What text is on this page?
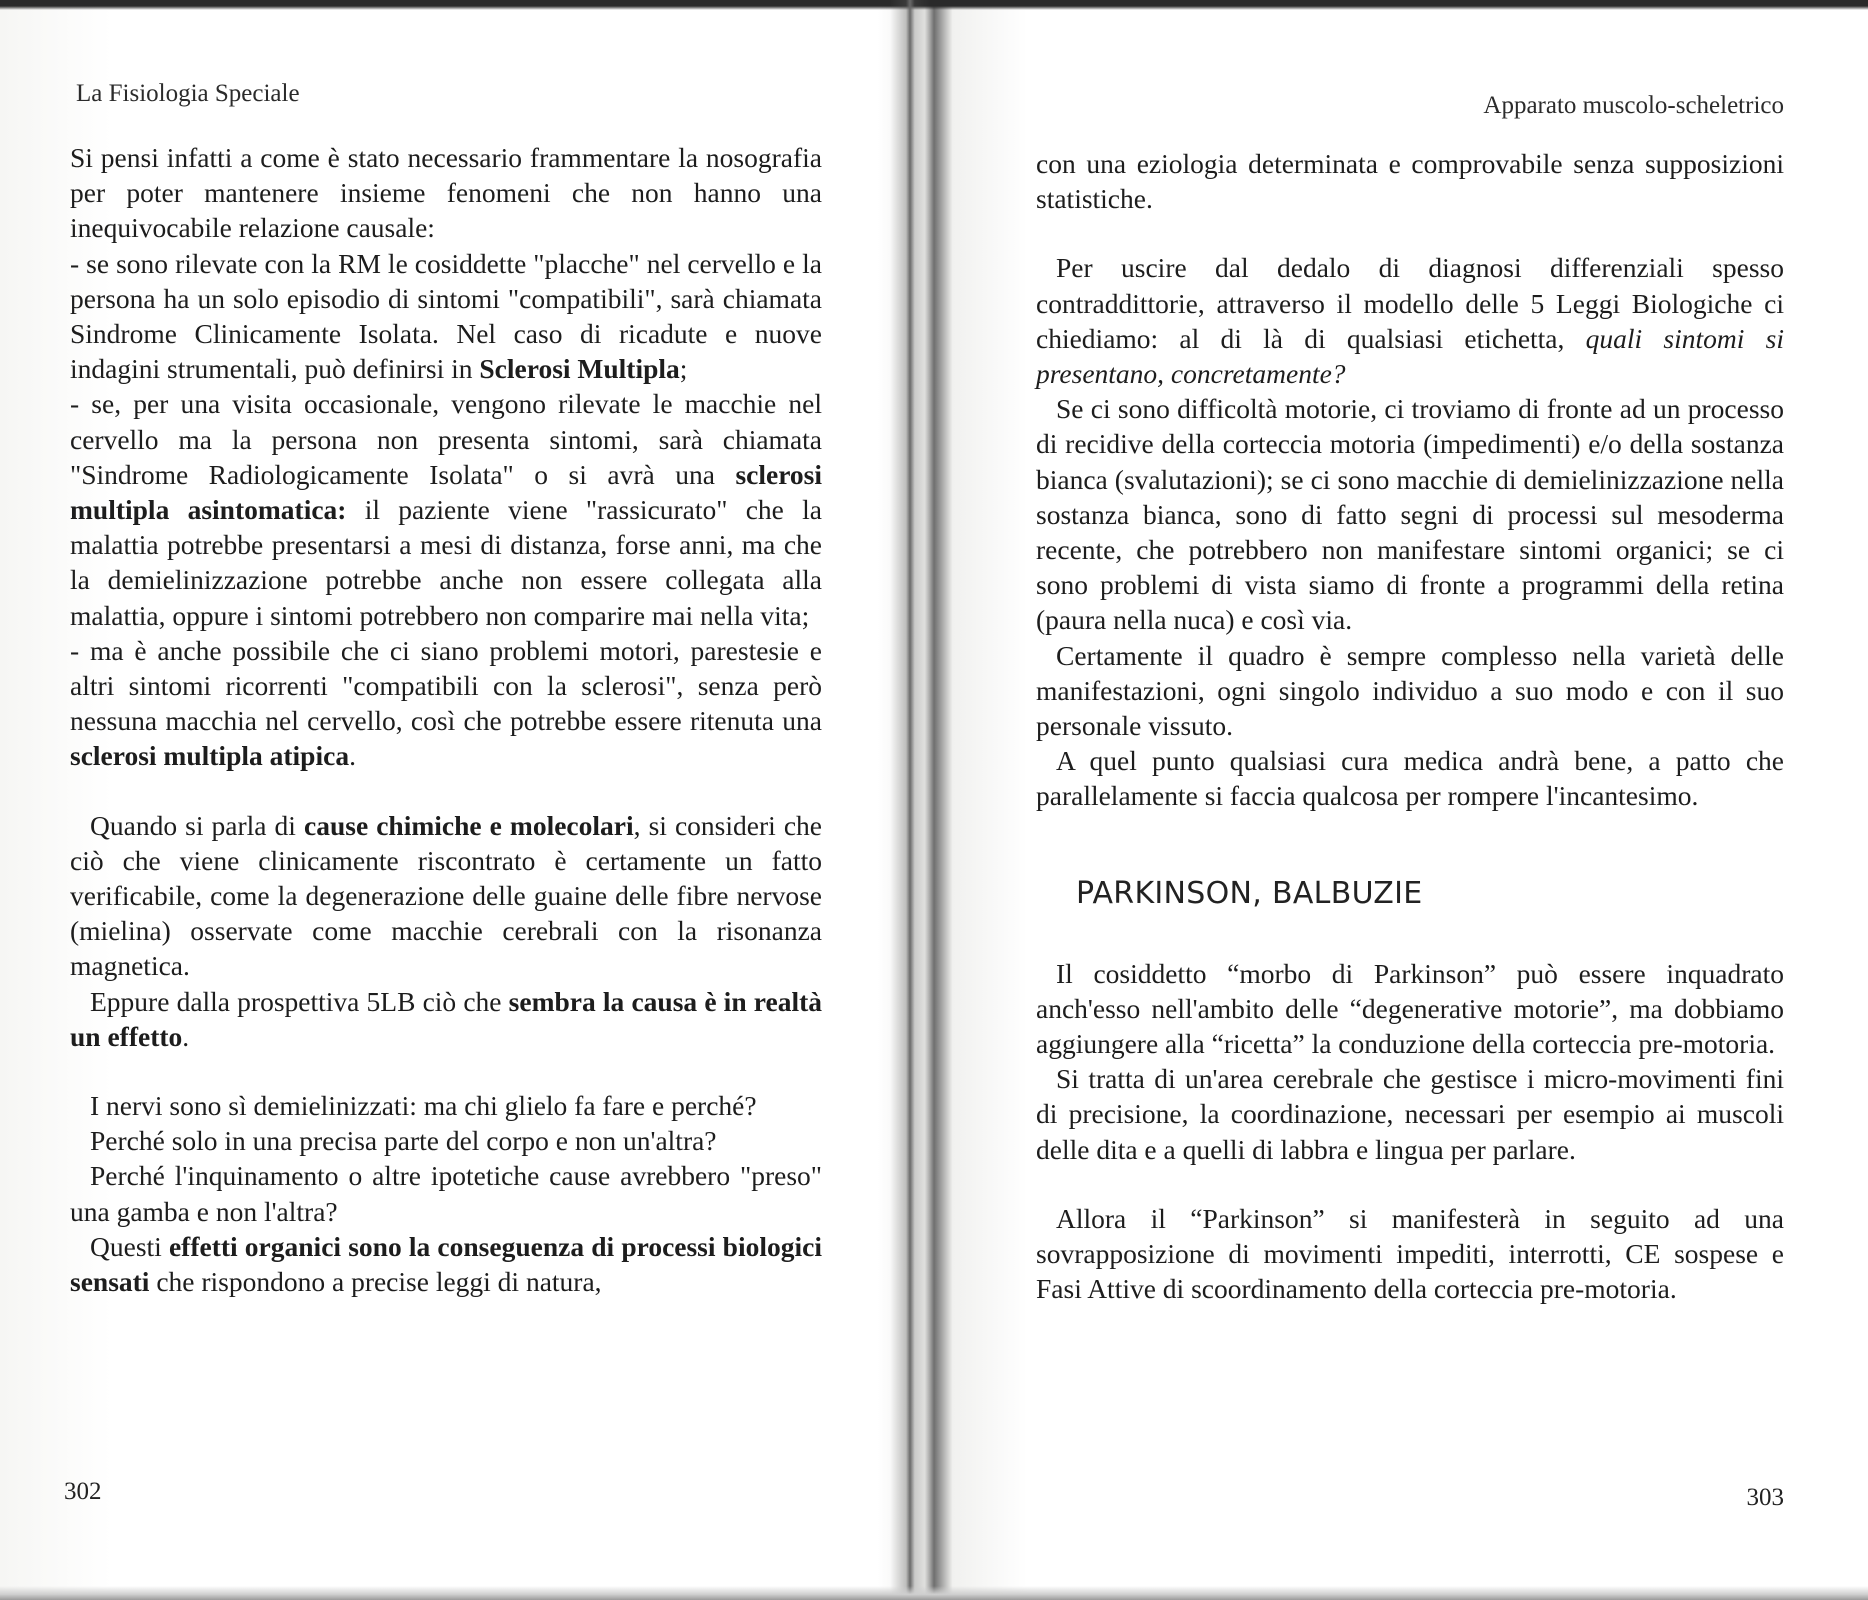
La Fisiologia Speciale

Si pensi infatti a come è stato necessario frammentare la nosografia per poter mantenere insieme fenomeni che non hanno una inequivocabile relazione causale:

- se sono rilevate con la RM le cosiddette "placche" nel cervello e la persona ha un solo episodio di sintomi "compatibili", sarà chiamata Sindrome Clinicamente Isolata. Nel caso di ricadute e nuove indagini strumentali, può definirsi in Sclerosi Multipla;

- se, per una visita occasionale, vengono rilevate le macchie nel cervello ma la persona non presenta sintomi, sarà chiamata "Sindrome Radiologicamente Isolata" o si avrà una sclerosi multipla asintomatica: il paziente viene "rassicurato" che la malattia potrebbe presentarsi a mesi di distanza, forse anni, ma che la demielinizzazione potrebbe anche non essere collegata alla malattia, oppure i sintomi potrebbero non comparire mai nella vita;

- ma è anche possibile che ci siano problemi motori, parestesie e altri sintomi ricorrenti "compatibili con la sclerosi", senza però nessuna macchia nel cervello, così che potrebbe essere ritenuta una sclerosi multipla atipica.

Quando si parla di cause chimiche e molecolari, si consideri che ciò che viene clinicamente riscontrato è certamente un fatto verificabile, come la degenerazione delle guaine delle fibre nervose (mielina) osservate come macchie cerebrali con la risonanza magnetica.

Eppure dalla prospettiva 5LB ciò che sembra la causa è in realtà un effetto.

I nervi sono sì demielinizzati: ma chi glielo fa fare e perché?

Perché solo in una precisa parte del corpo e non un'altra?

Perché l'inquinamento o altre ipotetiche cause avrebbero "preso" una gamba e non l'altra?

Questi effetti organici sono la conseguenza di processi biologici sensati che rispondono a precise leggi di natura,

302
Apparato muscolo-scheletrico

con una eziologia determinata e comprovabile senza supposizioni statistiche.

Per uscire dal dedalo di diagnosi differenziali spesso contraddittorie, attraverso il modello delle 5 Leggi Biologiche ci chiediamo: al di là di qualsiasi etichetta, quali sintomi si presentano, concretamente?

Se ci sono difficoltà motorie, ci troviamo di fronte ad un processo di recidive della corteccia motoria (impedimenti) e/o della sostanza bianca (svalutazioni); se ci sono macchie di demielinizzazione nella sostanza bianca, sono di fatto segni di processi sul mesoderma recente, che potrebbero non manifestare sintomi organici; se ci sono problemi di vista siamo di fronte a programmi della retina (paura nella nuca) e così via.

Certamente il quadro è sempre complesso nella varietà delle manifestazioni, ogni singolo individuo a suo modo e con il suo personale vissuto.

A quel punto qualsiasi cura medica andrà bene, a patto che parallelamente si faccia qualcosa per rompere l'incantesimo.

PARKINSON, BALBUZIE

Il cosiddetto “morbo di Parkinson” può essere inquadrato anch'esso nell'ambito delle “degenerative motorie”, ma dobbiamo aggiungere alla “ricetta” la conduzione della corteccia pre-motoria.

Si tratta di un'area cerebrale che gestisce i micro-movimenti fini di precisione, la coordinazione, necessari per esempio ai muscoli delle dita e a quelli di labbra e lingua per parlare.

Allora il “Parkinson” si manifesterà in seguito ad una sovrapposizione di movimenti impediti, interrotti, CE sospese e Fasi Attive di scoordinamento della corteccia pre-motoria.

303
